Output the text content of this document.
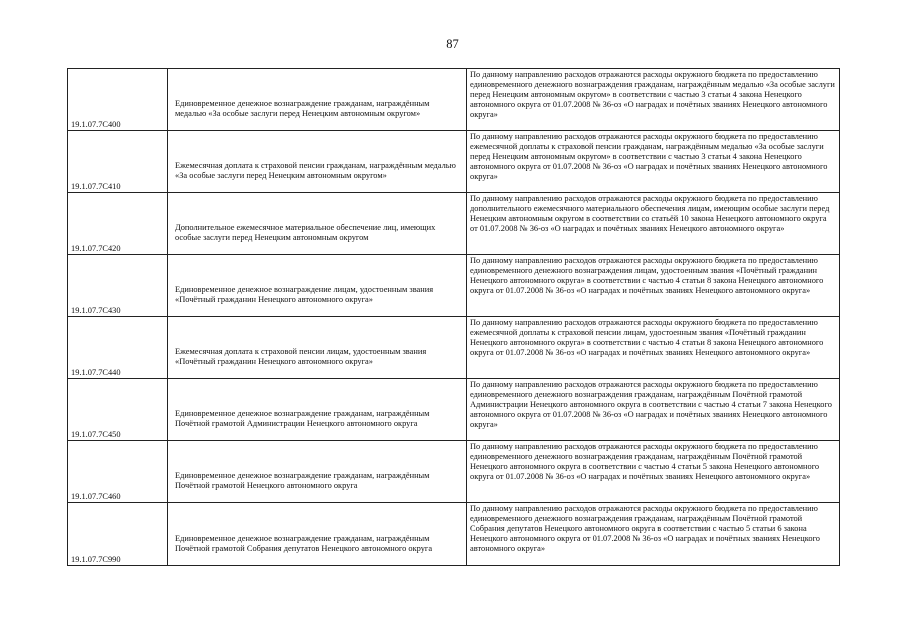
87
19.1.07.7С400	Единовременное денежное вознаграждение гражданам, награждённым медалью «За особые заслуги перед Ненецким автономным округом»	По данному направлению расходов отражаются расходы окружного бюджета по предоставлению единовременного денежного вознаграждения гражданам, награждённым медалью «За особые заслуги перед Ненецким автономным округом» в соответствии с частью 3 статьи 4 закона Ненецкого автономного округа от 01.07.2008 № 36-оз «О наградах и почётных званиях Ненецкого автономного округа»
19.1.07.7С410	Ежемесячная доплата к страховой пенсии гражданам, награждённым медалью «За особые заслуги перед Ненецким автономным округом»	По данному направлению расходов отражаются расходы окружного бюджета по предоставлению ежемесячной доплаты к страховой пенсии гражданам, награждённым медалью «За особые заслуги перед Ненецким автономным округом» в соответствии с частью 3 статьи 4 закона Ненецкого автономного округа от 01.07.2008 № 36-оз «О наградах и почётных званиях Ненецкого автономного округа»
19.1.07.7С420	Дополнительное ежемесячное материальное обеспечение лиц, имеющих особые заслуги перед Ненецким автономным округом	По данному направлению расходов отражаются расходы окружного бюджета по предоставлению дополнительного ежемесячного материального обеспечения лицам, имеющим особые заслуги перед Ненецким автономным округом в соответствии со статьёй 10 закона Ненецкого автономного округа от 01.07.2008 № 36-оз «О наградах и почётных званиях Ненецкого автономного округа»
19.1.07.7С430	Единовременное денежное вознаграждение лицам, удостоенным звания «Почётный гражданин Ненецкого автономного округа»	По данному направлению расходов отражаются расходы окружного бюджета по предоставлению единовременного денежного вознаграждения лицам, удостоенным звания «Почётный гражданин Ненецкого автономного округа» в соответствии с частью 4 статьи 8 закона Ненецкого автономного округа от 01.07.2008 № 36-оз «О наградах и почётных званиях Ненецкого автономного округа»
19.1.07.7С440	Ежемесячная доплата к страховой пенсии лицам, удостоенным звания «Почётный гражданин Ненецкого автономного округа»	По данному направлению расходов отражаются расходы окружного бюджета по предоставлению ежемесячной доплаты к страховой пенсии лицам, удостоенным звания «Почётный гражданин Ненецкого автономного округа» в соответствии с частью 4 статьи 8 закона Ненецкого автономного округа от 01.07.2008 № 36-оз «О наградах и почётных званиях Ненецкого автономного округа»
19.1.07.7С450	Единовременное денежное вознаграждение гражданам, награждённым Почётной грамотой Администрации Ненецкого автономного округа	По данному направлению расходов отражаются расходы окружного бюджета по предоставлению единовременного денежного вознаграждения гражданам, награждённым Почётной грамотой Администрации Ненецкого автономного округа в соответствии с частью 4 статьи 7 закона Ненецкого автономного округа от 01.07.2008 № 36-оз «О наградах и почётных званиях Ненецкого автономного округа»
19.1.07.7С460	Единовременное денежное вознаграждение гражданам, награждённым Почётной грамотой Ненецкого автономного округа	По данному направлению расходов отражаются расходы окружного бюджета по предоставлению единовременного денежного вознаграждения гражданам, награждённым Почётной грамотой Ненецкого автономного округа в соответствии с частью 4 статьи 5 закона Ненецкого автономного округа от 01.07.2008 № 36-оз «О наградах и почётных званиях Ненецкого автономного округа»
19.1.07.7С990	Единовременное денежное вознаграждение гражданам, награждённым Почётной грамотой Собрания депутатов Ненецкого автономного округа	По данному направлению расходов отражаются расходы окружного бюджета по предоставлению единовременного денежного вознаграждения гражданам, награждённым Почётной грамотой Собрания депутатов Ненецкого автономного округа в соответствии с частью 5 статьи 6 закона Ненецкого автономного округа от 01.07.2008 № 36-оз «О наградах и почётных званиях Ненецкого автономного округа»
